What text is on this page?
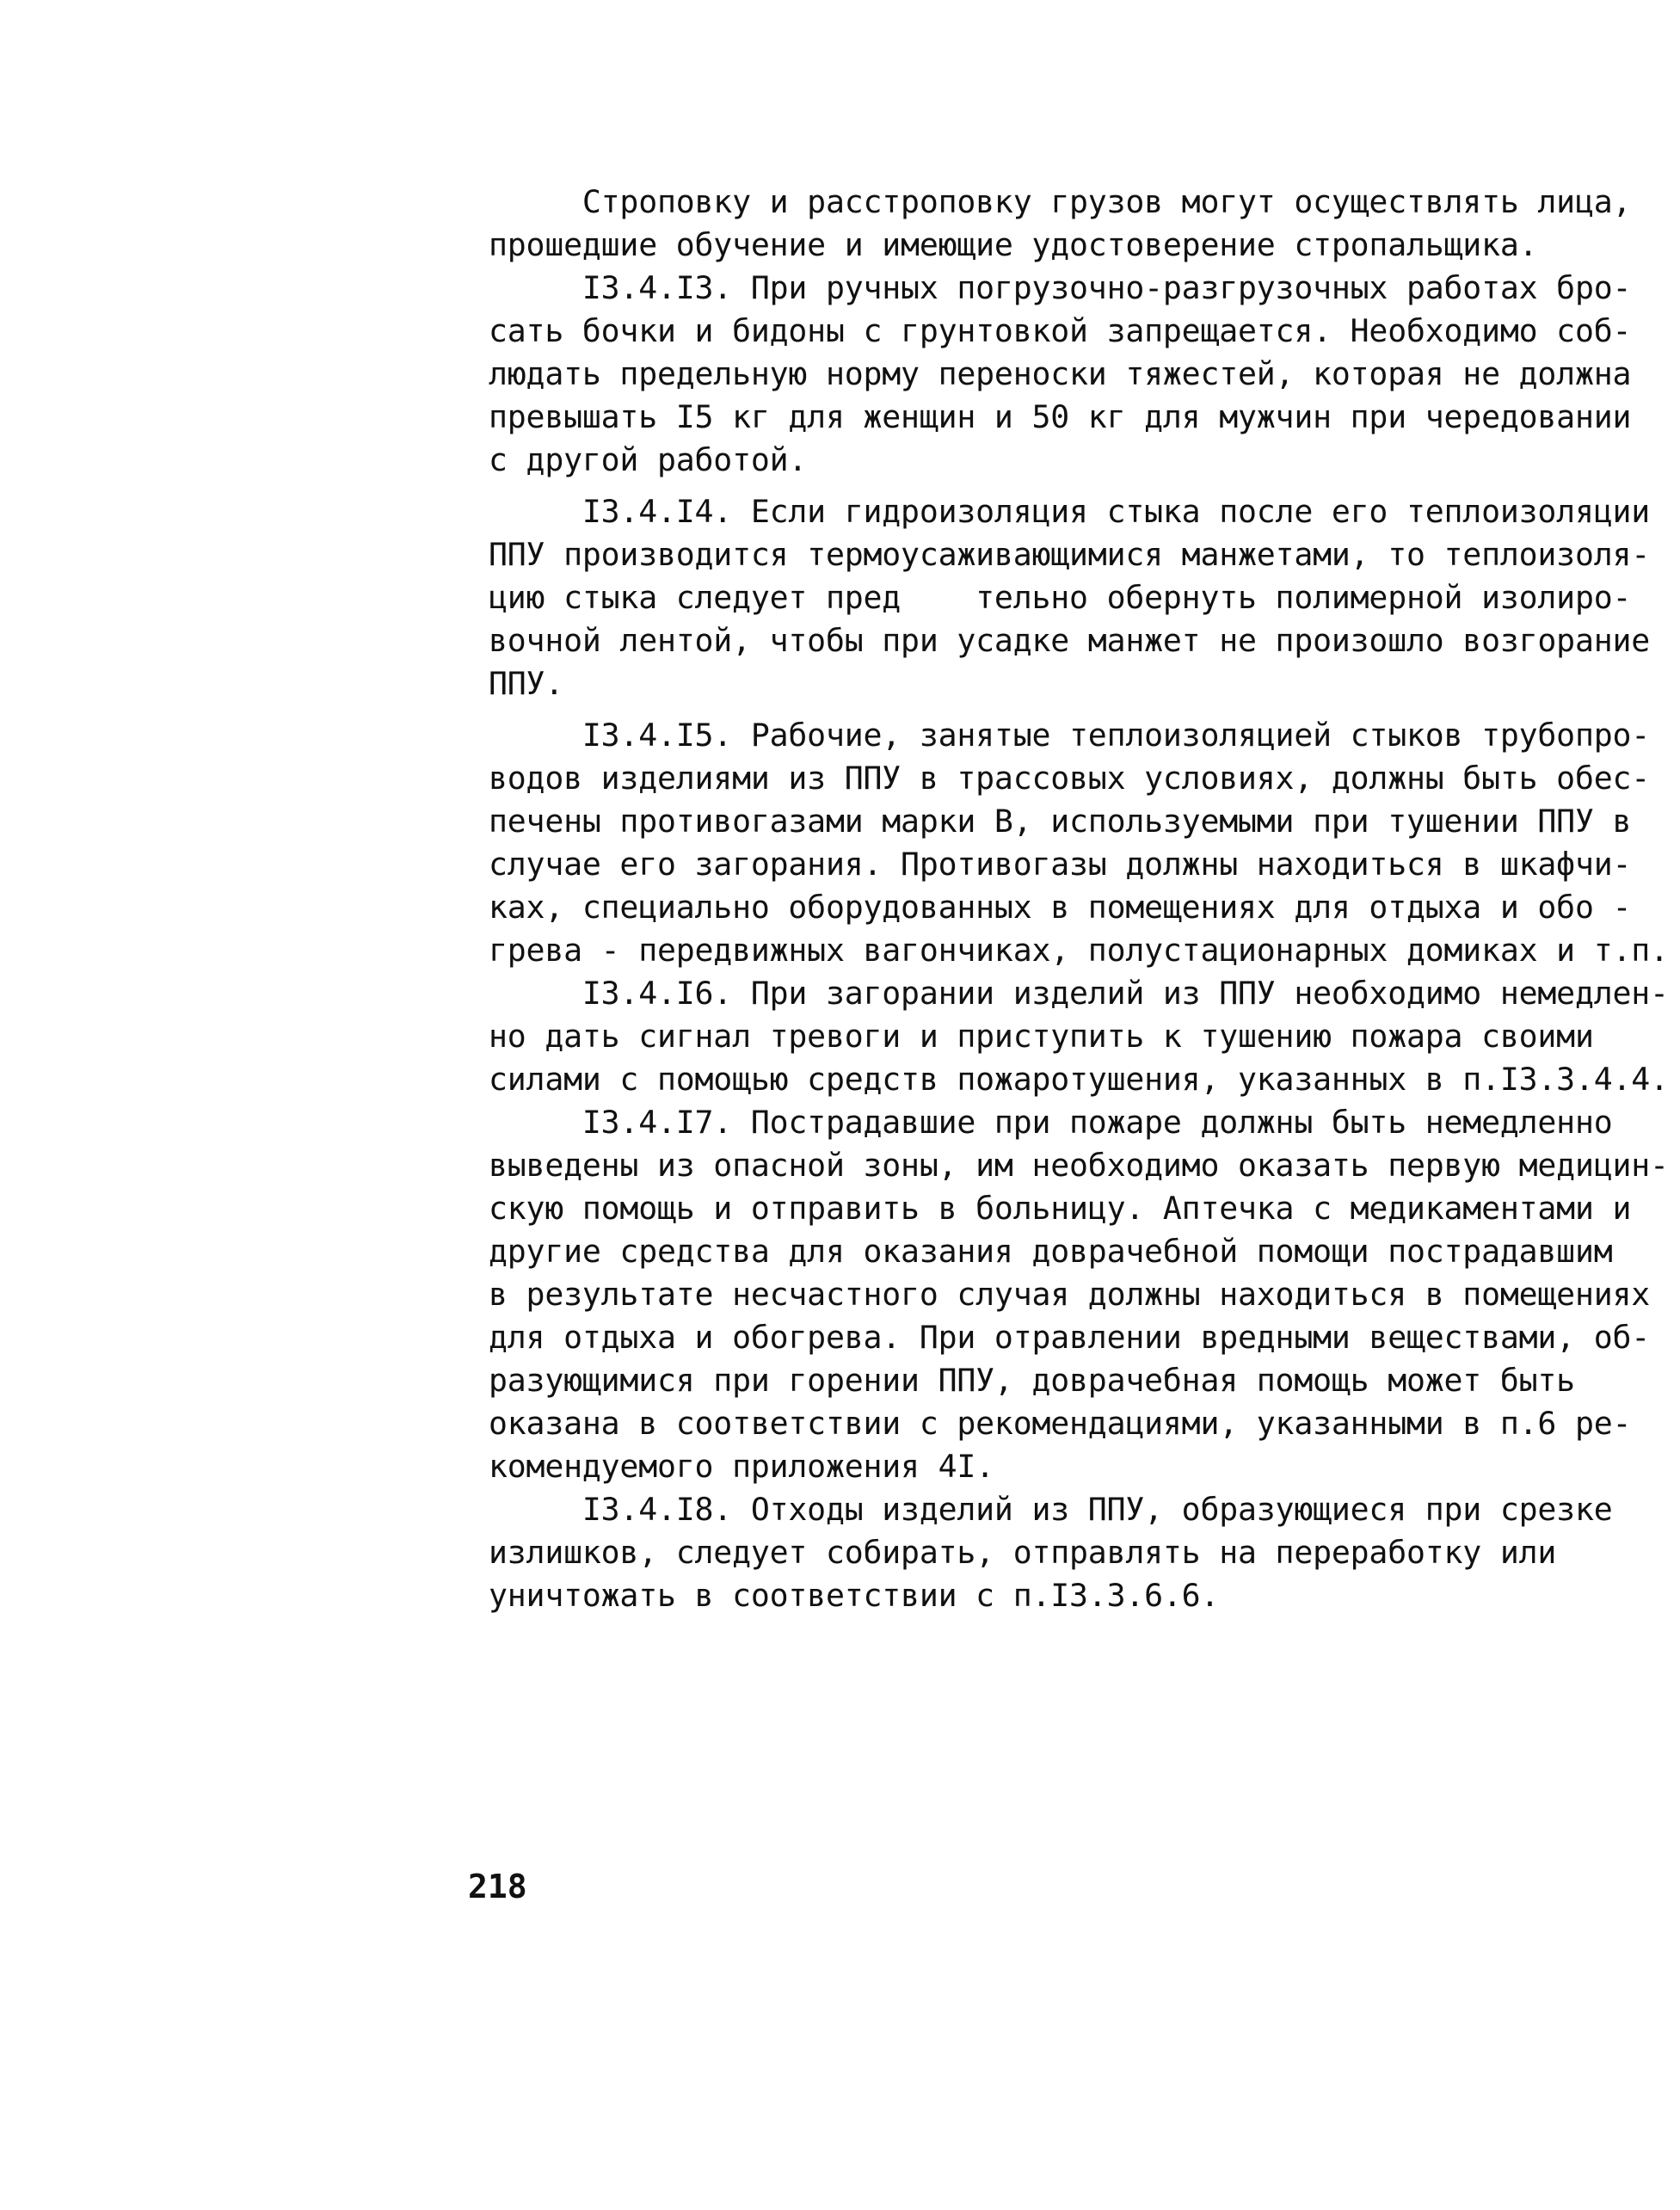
Строповку и расстроповку грузов могут осуществлять лица,
прошедшие обучение и имеющие удостоверение стропальщика.
I3.4.I3. При ручных погрузочно-разгрузочных работах бро-
сать бочки и бидоны с грунтовкой запрещается. Необходимо соб-
людать предельную норму переноски тяжестей, которая не должна
превышать I5 кг для женщин и 50 кг для мужчин при чередовании
с другой работой.
I3.4.I4. Если гидроизоляция стыка после его теплоизоляции
ППУ производится термоусаживающимися манжетами, то теплоизоля-
цию стыка следует пред    тельно обернуть полимерной изолиро-
вочной лентой, чтобы при усадке манжет не произошло возгорание
ППУ.
I3.4.I5. Рабочие, занятые теплоизоляцией стыков трубопро-
водов изделиями из ППУ в трассовых условиях, должны быть обес-
печены противогазами марки В, используемыми при тушении ППУ в
случае его загорания. Противогазы должны находиться в шкафчи-
ках, специально оборудованных в помещениях для отдыха и обо -
грева - передвижных вагончиках, полустационарных домиках и т.п.
I3.4.I6. При загорании изделий из ППУ необходимо немедлен-
но дать сигнал тревоги и приступить к тушению пожара своими
силами с помощью средств пожаротушения, указанных в п.I3.3.4.4.
I3.4.I7. Пострадавшие при пожаре должны быть немедленно
выведены из опасной зоны, им необходимо оказать первую медицин-
скую помощь и отправить в больницу. Аптечка с медикаментами и
другие средства для оказания доврачебной помощи пострадавшим
в результате несчастного случая должны находиться в помещениях
для отдыха и обогрева. При отравлении вредными веществами, об-
разующимися при горении ППУ, доврачебная помощь может быть
оказана в соответствии с рекомендациями, указанными в п.6 ре-
комендуемого приложения 4I.
I3.4.I8. Отходы изделий из ППУ, образующиеся при срезке
излишков, следует собирать, отправлять на переработку или
уничтожать в соответствии с п.I3.3.6.6.
218
